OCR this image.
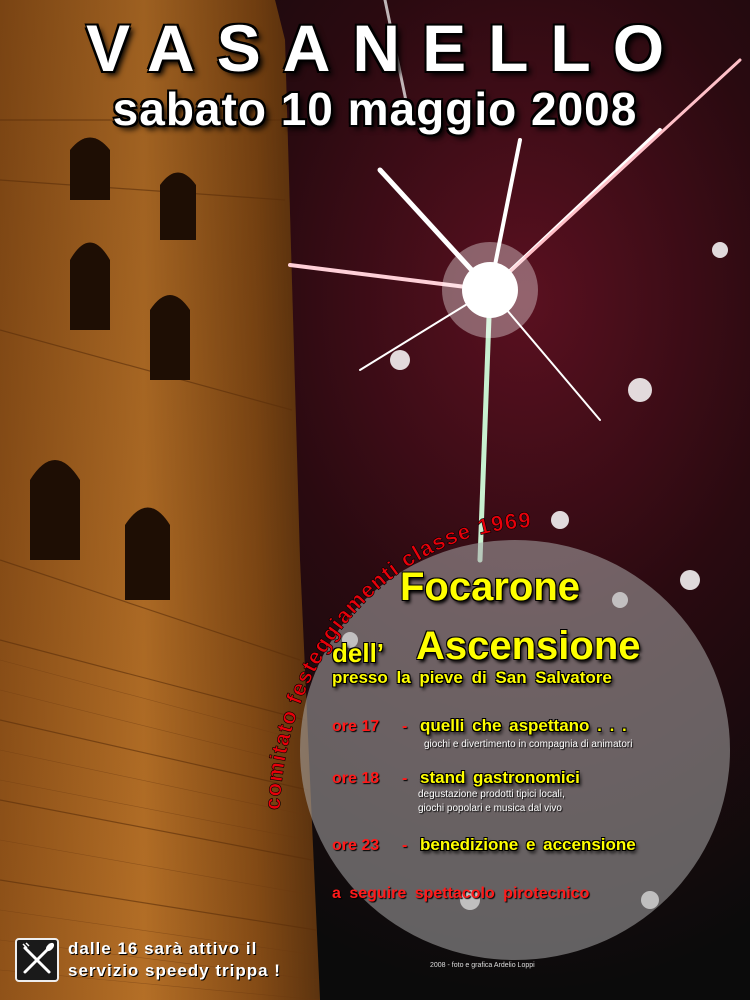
comitato festeggiamenti classe 1969
VASANELLO
sabato 10 maggio 2008
Focarone
dell’ Ascensione
presso la pieve di San Salvatore
ore 17 - quelli che aspettano . . .
giochi e divertimento in compagnia di animatori
ore 18 - stand gastronomici
degustazione prodotti tipici locali,
giochi popolari e musica dal vivo
ore 23 - benedizione e accensione
a seguire spettacolo pirotecnico
dalle 16 sarà attivo il
servizio speedy trippa !	2008 - foto e grafica Ardelio Loppi
